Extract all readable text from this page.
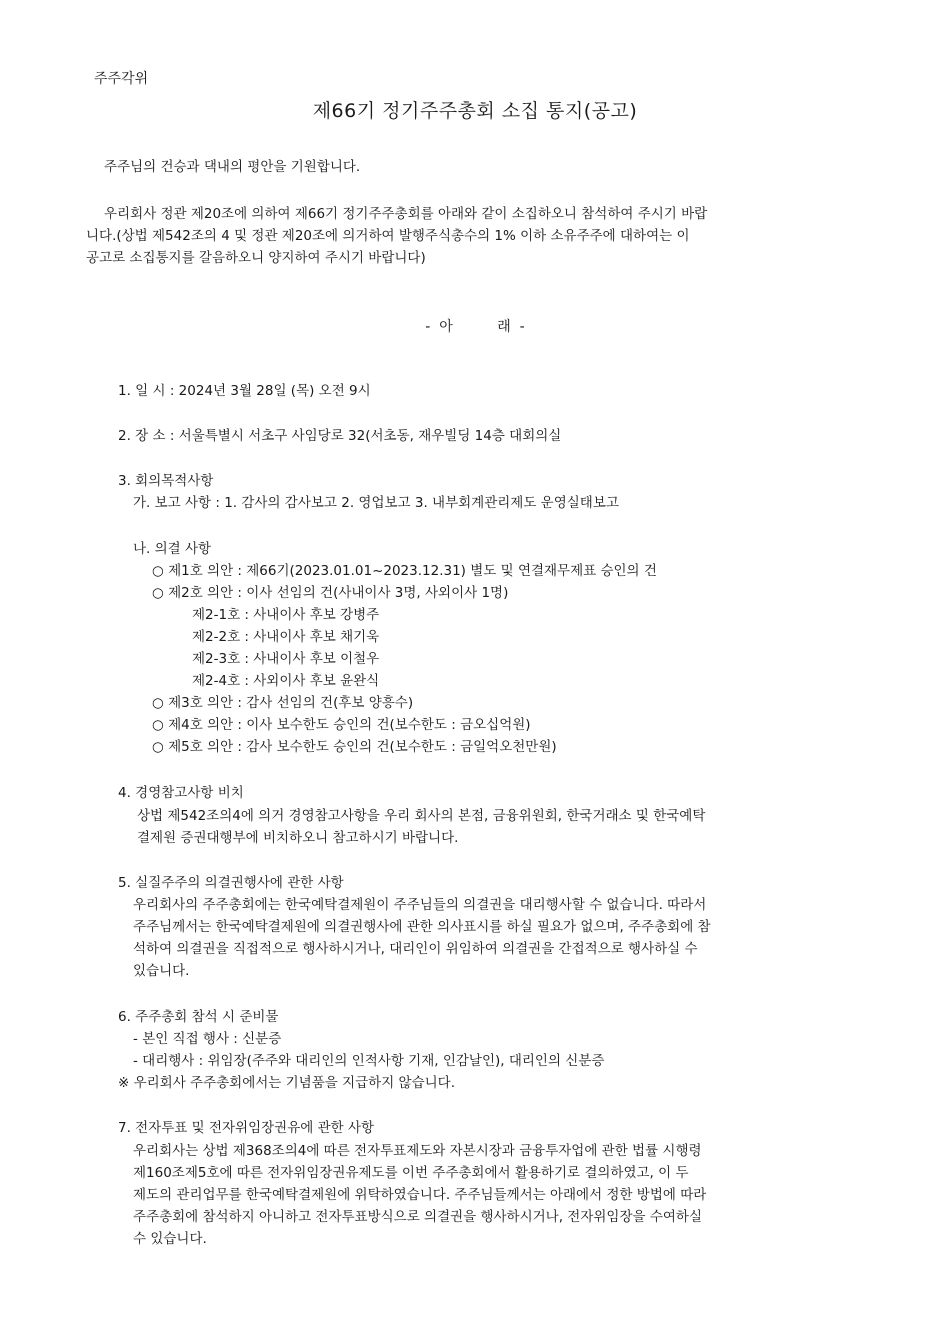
주주각위
제66기 정기주주총회 소집 통지(공고)
주주님의 건승과 댁내의 평안을 기원합니다.
우리회사 정관 제20조에 의하여 제66기 정기주주총회를 아래와 같이 소집하오니 참석하여 주시기 바랍
니다.(상법 제542조의 4 및 정관 제20조에 의거하여 발행주식총수의 1% 이하 소유주주에 대하여는 이
공고로 소집통지를 갈음하오니 양지하여 주시기 바랍니다)
-  아          래  -
1. 일 시 : 2024년 3월 28일 (목) 오전 9시
2. 장 소 : 서울특별시 서초구 사임당로 32(서초동, 재우빌딩 14층 대회의실
3. 회의목적사항
가. 보고 사항 : 1. 감사의 감사보고 2. 영업보고 3. 내부회계관리제도 운영실태보고
나. 의결 사항
○ 제1호 의안 : 제66기(2023.01.01~2023.12.31) 별도 및 연결재무제표 승인의 건
○ 제2호 의안 : 이사 선임의 건(사내이사 3명, 사외이사 1명)
제2-1호 : 사내이사 후보 강병주
제2-2호 : 사내이사 후보 채기욱
제2-3호 : 사내이사 후보 이철우
제2-4호 : 사외이사 후보 윤완식
○ 제3호 의안 : 감사 선임의 건(후보 양흥수)
○ 제4호 의안 : 이사 보수한도 승인의 건(보수한도 : 금오십억원)
○ 제5호 의안 : 감사 보수한도 승인의 건(보수한도 : 금일억오천만원)
4. 경영참고사항 비치
상법 제542조의4에 의거 경영참고사항을 우리 회사의 본점, 금융위원회, 한국거래소 및 한국예탁
결제원 증권대행부에 비치하오니 참고하시기 바랍니다.
5. 실질주주의 의결권행사에 관한 사항
우리회사의 주주총회에는 한국예탁결제원이 주주님들의 의결권을 대리행사할 수 없습니다. 따라서
주주님께서는 한국예탁결제원에 의결권행사에 관한 의사표시를 하실 필요가 없으며, 주주총회에 참
석하여 의결권을 직접적으로 행사하시거나, 대리인이 위임하여 의결권을 간접적으로 행사하실 수
있습니다.
6. 주주총회 참석 시 준비물
- 본인 직접 행사 : 신분증
- 대리행사 : 위임장(주주와 대리인의 인적사항 기재, 인감날인), 대리인의 신분증
※ 우리회사 주주총회에서는 기념품을 지급하지 않습니다.
7. 전자투표 및 전자위임장권유에 관한 사항
우리회사는 상법 제368조의4에 따른 전자투표제도와 자본시장과 금융투자업에 관한 법률 시행령
제160조제5호에 따른 전자위임장권유제도를 이번 주주총회에서 활용하기로 결의하였고, 이 두
제도의 관리업무를 한국예탁결제원에 위탁하였습니다. 주주님들께서는 아래에서 정한 방법에 따라
주주총회에 참석하지 아니하고 전자투표방식으로 의결권을 행사하시거나, 전자위임장을 수여하실
수 있습니다.
